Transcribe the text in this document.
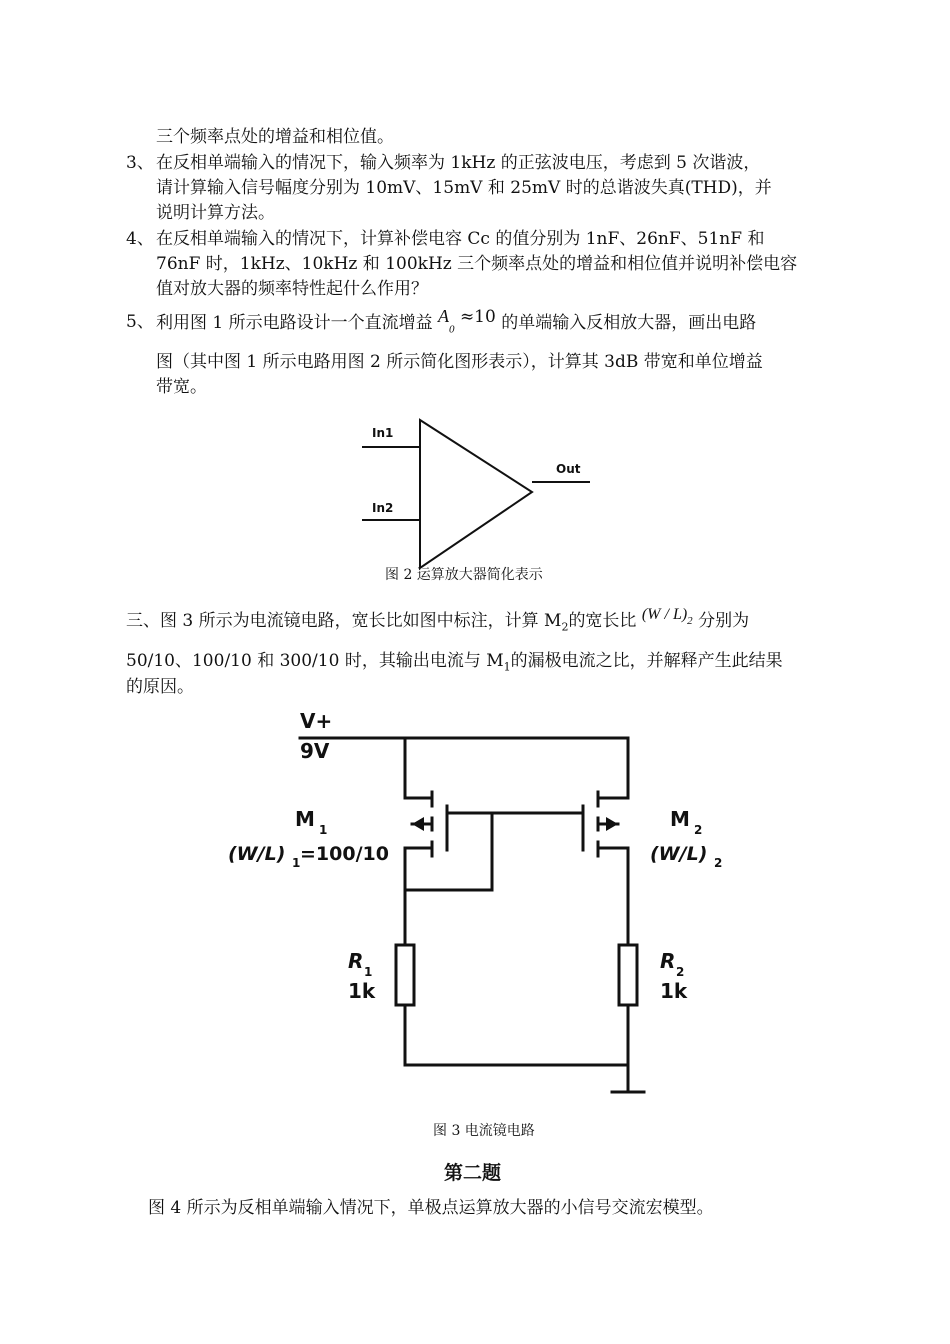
三个频率点处的增益和相位值。
3、 在反相单端输入的情况下，输入频率为 1kHz 的正弦波电压，考虑到 5 次谐波，
请计算输入信号幅度分别为 10mV、15mV 和 25mV 时的总谐波失真(THD)，并
说明计算方法。
4、 在反相单端输入的情况下，计算补偿电容 Cc 的值分别为 1nF、26nF、51nF 和
76nF 时，1kHz、10kHz 和 100kHz 三个频率点处的增益和相位值并说明补偿电容
值对放大器的频率特性起什么作用？
5、 利用图 1 所示电路设计一个直流增益 $A_0 \approx 10$ 的单端输入反相放大器，画出电路
图（其中图 1 所示电路用图 2 所示简化图形表示），计算其 3dB 带宽和单位增益
带宽。
In1
In2
Out
图 2 运算放大器简化表示
三、图 3 所示为电流镜电路，宽长比如图中标注，计算 $M_2$的宽长比 $(W / L)_2$ 分别为
50/10、100/10 和 300/10 时，其输出电流与 $M_1$的漏极电流之比，并解释产生此结果
的原因。
V+
9V
M 1
(W/L) 1 =100/10
M 2
(W/L) 2
R 1
1k
R 2
1k
图 3 电流镜电路
第二题
图 4 所示为反相单端输入情况下，单极点运算放大器的小信号交流宏模型。
